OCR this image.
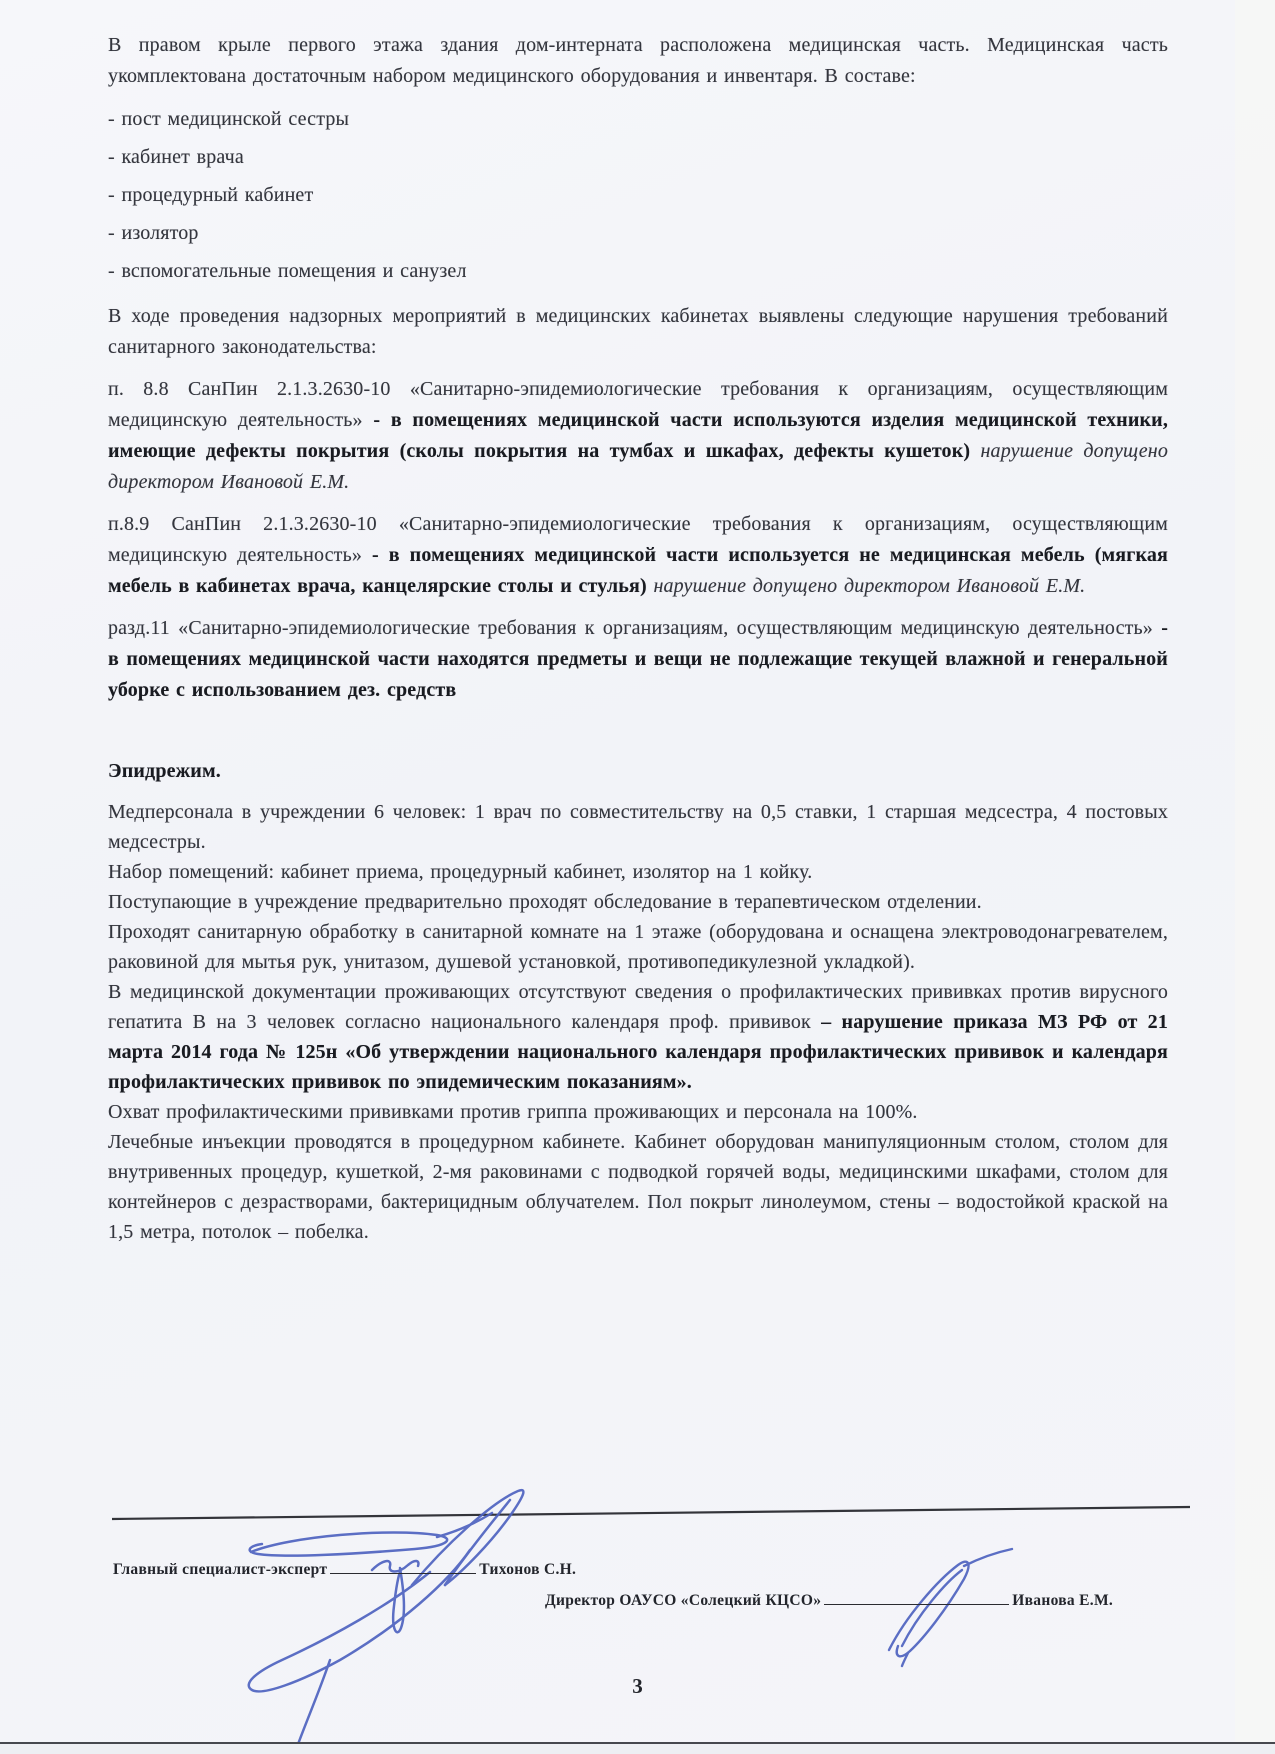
В правом крыле первого этажа здания дом-интерната расположена медицинская часть. Медицинская часть укомплектована достаточным набором медицинского оборудования и инвентаря. В составе:

- пост медицинской сестры

- кабинет врача

- процедурный кабинет

- изолятор

- вспомогательные помещения и санузел

В ходе проведения надзорных мероприятий в медицинских кабинетах выявлены следующие нарушения требований санитарного законодательства:

п. 8.8 СанПин 2.1.3.2630-10 «Санитарно-эпидемиологические требования к организациям, осуществляющим медицинскую деятельность» - в помещениях медицинской части используются изделия медицинской техники, имеющие дефекты покрытия (сколы покрытия на тумбах и шкафах, дефекты кушеток) нарушение допущено директором Ивановой Е.М.

п.8.9 СанПин 2.1.3.2630-10 «Санитарно-эпидемиологические требования к организациям, осуществляющим медицинскую деятельность» - в помещениях медицинской части используется не медицинская мебель (мягкая мебель в кабинетах врача, канцелярские столы и стулья) нарушение допущено директором Ивановой Е.М.

разд.11 «Санитарно-эпидемиологические требования к организациям, осуществляющим медицинскую деятельность» - в помещениях медицинской части находятся предметы и вещи не подлежащие текущей влажной и генеральной уборке с использованием дез. средств

Эпидрежим.

Медперсонала в учреждении 6 человек: 1 врач по совместительству на 0,5 ставки, 1 старшая медсестра, 4 постовых медсестры.

Набор помещений: кабинет приема, процедурный кабинет, изолятор на 1 койку.

Поступающие в учреждение предварительно проходят обследование в терапевтическом отделении.

Проходят санитарную обработку в санитарной комнате на 1 этаже (оборудована и оснащена электроводонагревателем, раковиной для мытья рук, унитазом, душевой установкой, противопедикулезной укладкой).

В медицинской документации проживающих отсутствуют сведения о профилактических прививках против вирусного гепатита В на 3 человек согласно национального календаря проф. прививок – нарушение приказа МЗ РФ от 21 марта 2014 года № 125н «Об утверждении национального календаря профилактических прививок и календаря профилактических прививок по эпидемическим показаниям».

Охват профилактическими прививками против гриппа проживающих и персонала на 100%.

Лечебные инъекции проводятся в процедурном кабинете. Кабинет оборудован манипуляционным столом, столом для внутривенных процедур, кушеткой, 2-мя раковинами с подводкой горячей воды, медицинскими шкафами, столом для контейнеров с дезрастворами, бактерицидным облучателем. Пол покрыт линолеумом, стены – водостойкой краской на 1,5 метра, потолок – побелка.

Главный специалист-эксперт	Тихонов С.Н.
Директор ОАУСО «Солецкий КЦСО»	Иванова Е.М.
3
